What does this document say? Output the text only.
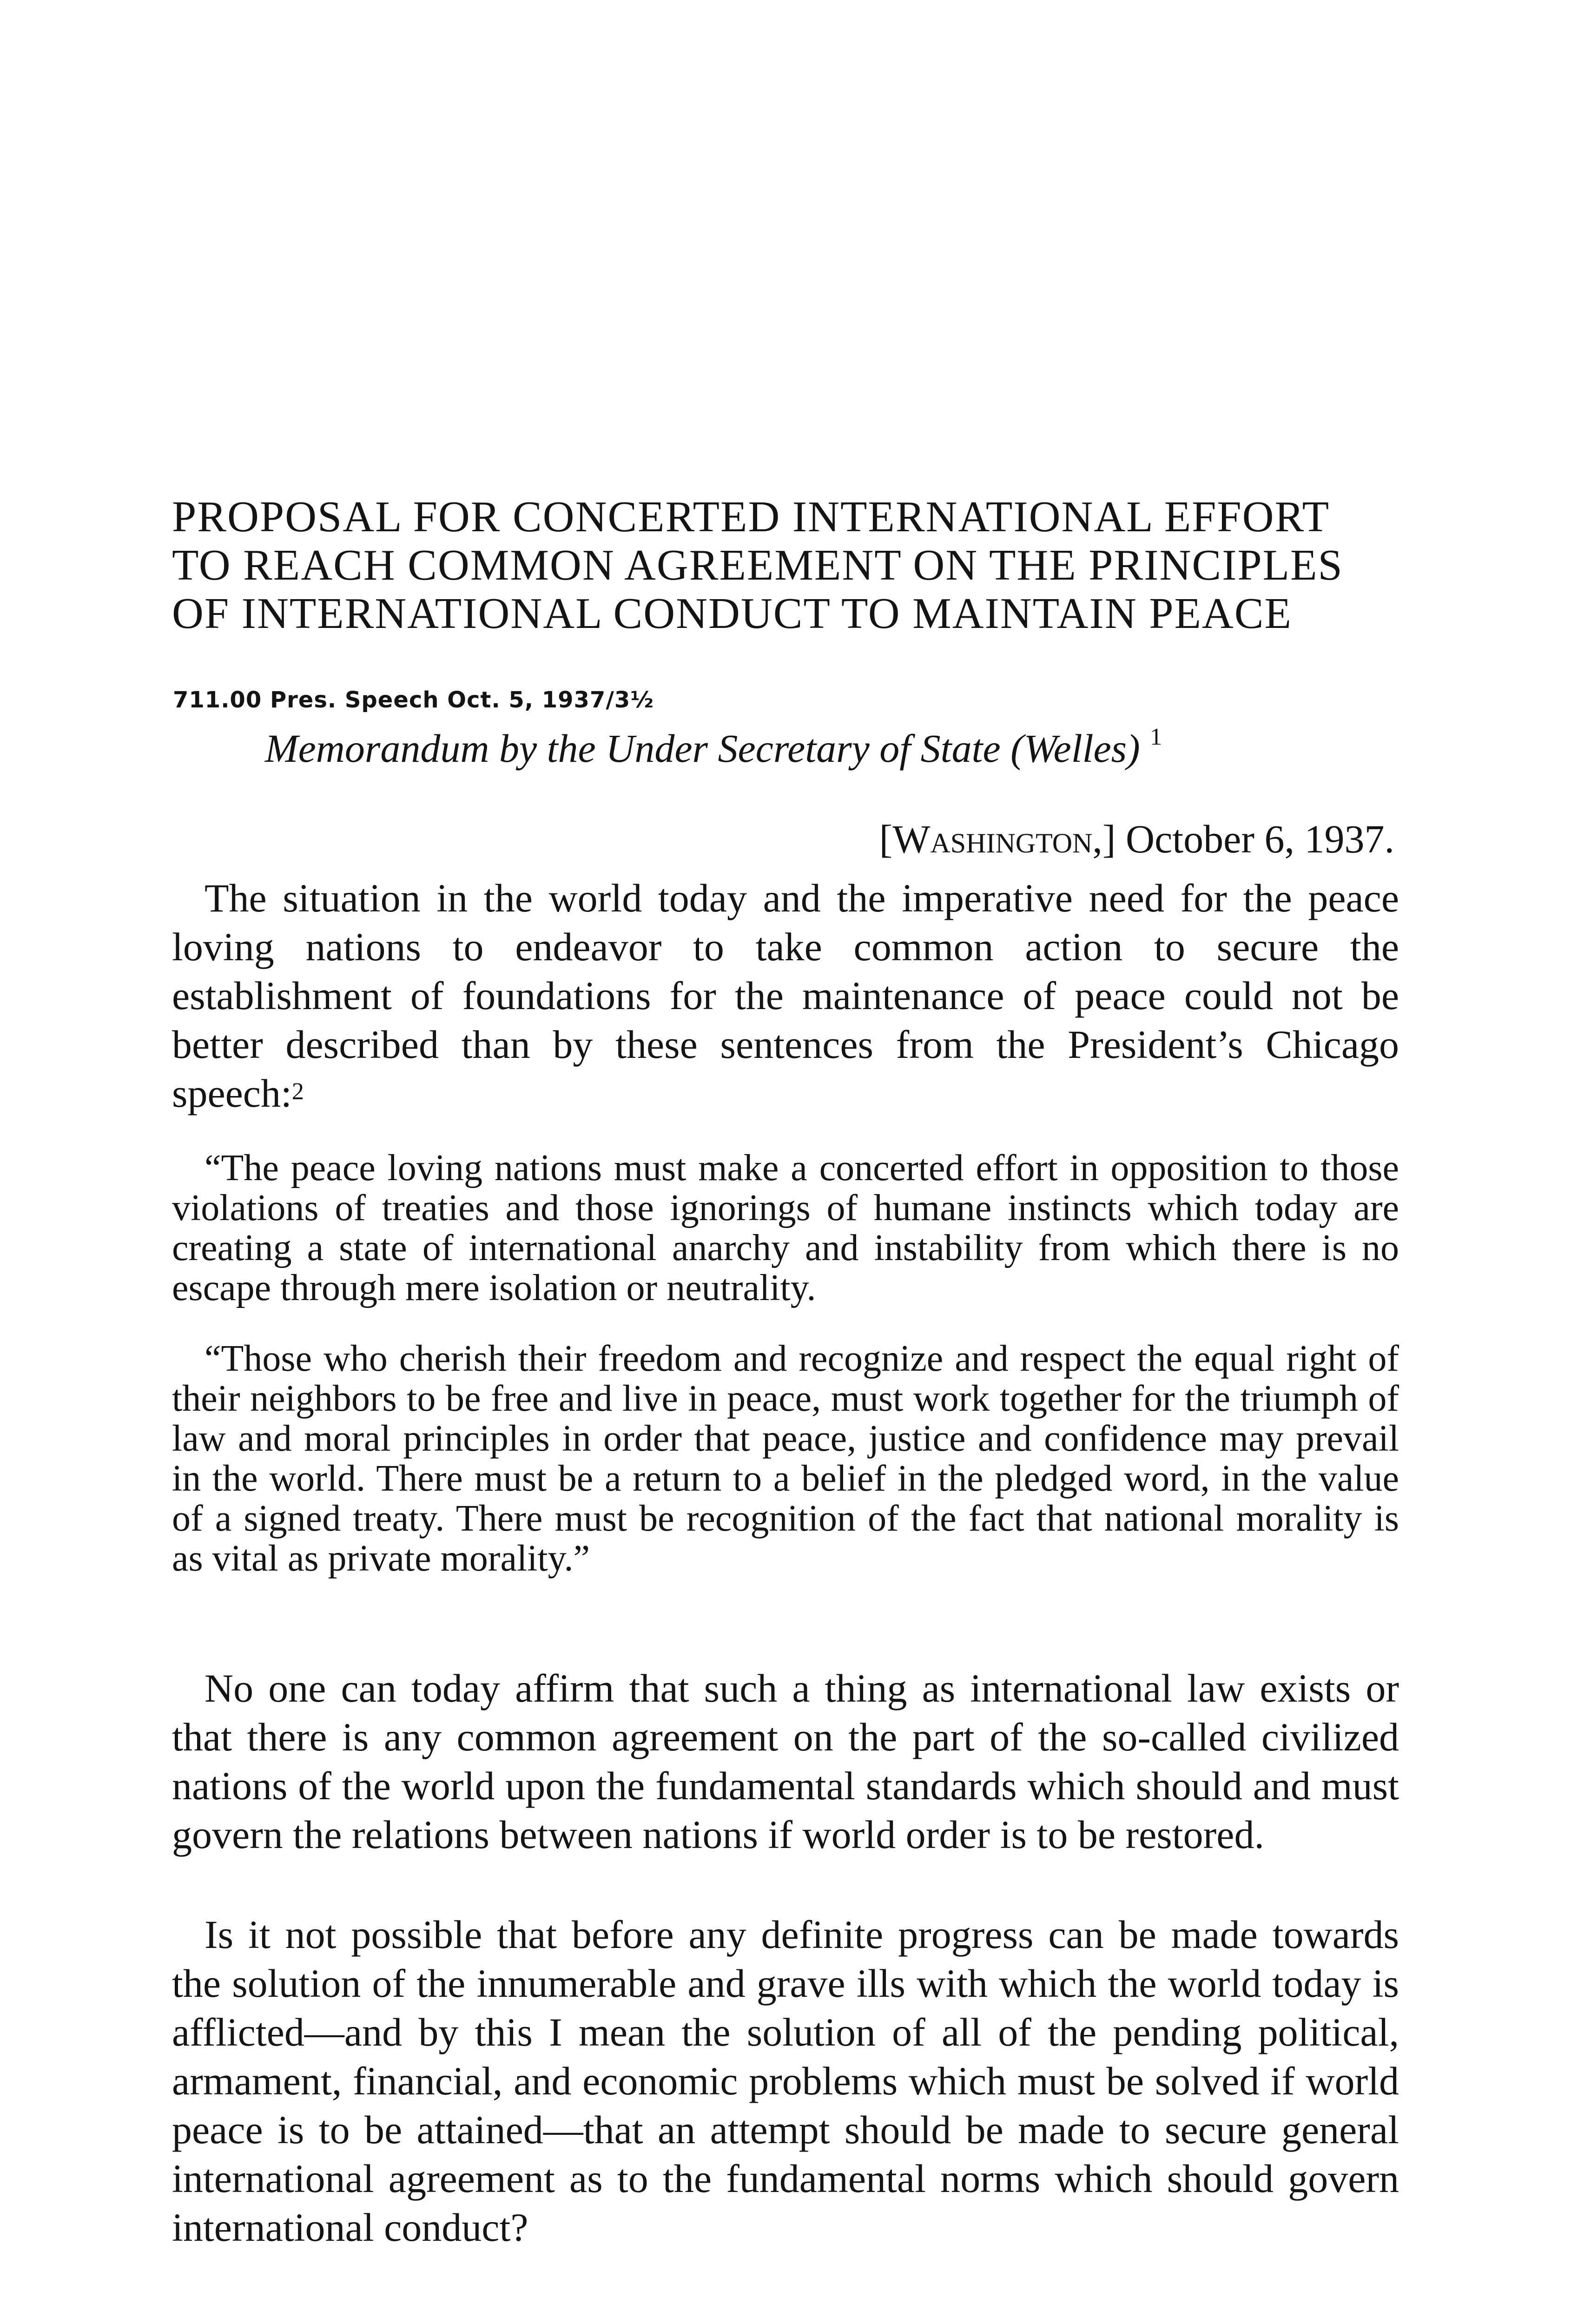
PROPOSAL FOR CONCERTED INTERNATIONAL EFFORT
TO REACH COMMON AGREEMENT ON THE PRINCIPLES
OF INTERNATIONAL CONDUCT TO MAINTAIN PEACE
711.00 Pres. Speech Oct. 5, 1937/3½
Memorandum by the Under Secretary of State (Welles) $^1$
[Washington,] October 6, 1937.

The situation in the world today and the imperative need for the peace loving nations to endeavor to take common action to secure the establishment of foundations for the maintenance of peace could not be better described than by these sentences from the President’s Chicago speech:$^2$

“The peace loving nations must make a concerted effort in opposition to those violations of treaties and those ignorings of humane instincts which today are creating a state of international anarchy and instability from which there is no escape through mere isolation or neutrality.

“Those who cherish their freedom and recognize and respect the equal right of their neighbors to be free and live in peace, must work together for the triumph of law and moral principles in order that peace, justice and confidence may prevail in the world. There must be a return to a belief in the pledged word, in the value of a signed treaty. There must be recognition of the fact that national morality is as vital as private morality.”

No one can today affirm that such a thing as international law exists or that there is any common agreement on the part of the so-called civilized nations of the world upon the fundamental standards which should and must govern the relations between nations if world order is to be restored.

Is it not possible that before any definite progress can be made towards the solution of the innumerable and grave ills with which the world today is afflicted—and by this I mean the solution of all of the pending political, armament, financial, and economic problems which must be solved if world peace is to be attained—that an attempt should be made to secure general international agreement as to the fundamental norms which should govern international conduct?
